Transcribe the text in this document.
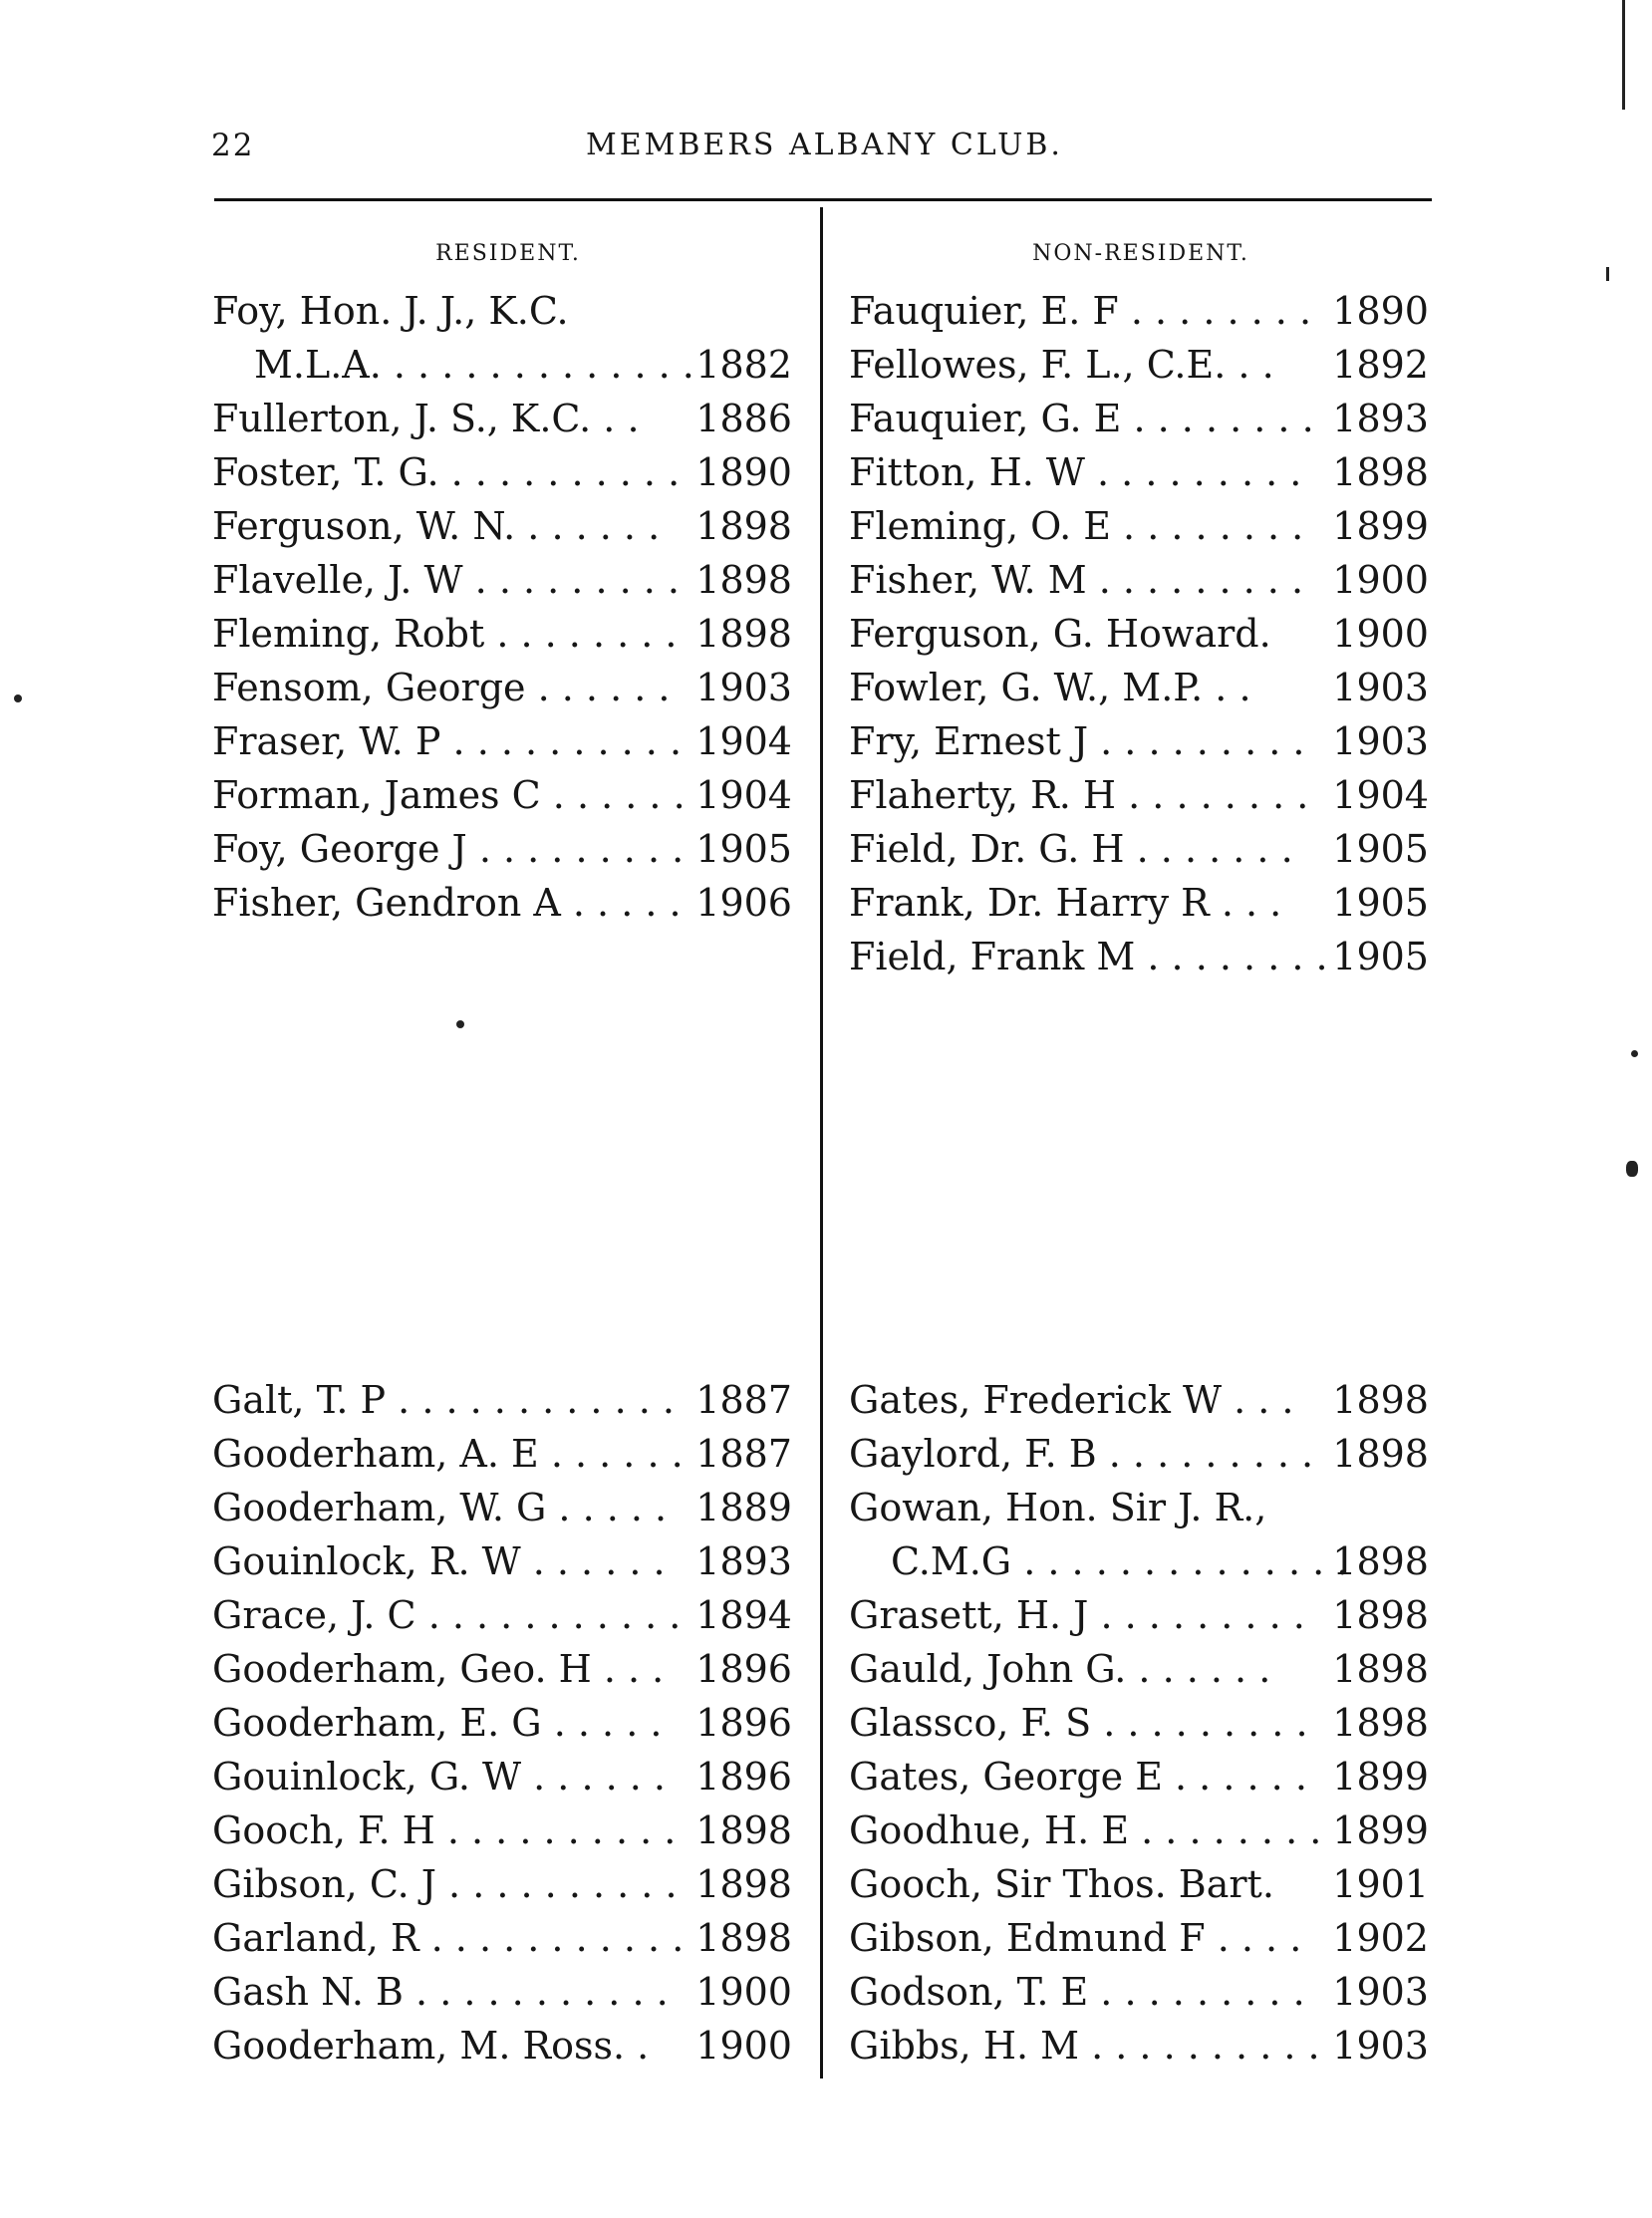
22	MEMBERS ALBANY CLUB.
RESIDENT.	NON-RESIDENT.
Foy, Hon. J. J., K.C.
M.L.A. . . . . . . . . . . . . . 1882
Fullerton, J. S., K.C. . . 1886
Foster, T. G. . . . . . . . . . . 1890
Ferguson, W. N. . . . . . . 1898
Flavelle, J. W . . . . . . . . . 1898
Fleming, Robt . . . . . . . . 1898
Fensom, George . . . . . . 1903
Fraser, W. P . . . . . . . . . . 1904
Forman, James C . . . . . . 1904
Foy, George J . . . . . . . . . 1905
Fisher, Gendron A . . . . . 1906
Fauquier, E. F . . . . . . . . 1890
Fellowes, F. L., C.E. . . 1892
Fauquier, G. E . . . . . . . . 1893
Fitton, H. W . . . . . . . . . 1898
Fleming, O. E . . . . . . . . 1899
Fisher, W. M . . . . . . . . . 1900
Ferguson, G. Howard. 1900
Fowler, G. W., M.P. . . 1903
Fry, Ernest J . . . . . . . . . 1903
Flaherty, R. H . . . . . . . . 1904
Field, Dr. G. H . . . . . . . 1905
Frank, Dr. Harry R . . . 1905
Field, Frank M . . . . . . . . 1905
Galt, T. P . . . . . . . . . . . . 1887
Gooderham, A. E . . . . . . 1887
Gooderham, W. G . . . . . 1889
Gouinlock, R. W . . . . . . 1893
Grace, J. C . . . . . . . . . . . 1894
Gooderham, Geo. H . . . 1896
Gooderham, E. G . . . . . 1896
Gouinlock, G. W . . . . . . 1896
Gooch, F. H . . . . . . . . . . 1898
Gibson, C. J . . . . . . . . . . 1898
Garland, R . . . . . . . . . . . 1898
Gash N. B . . . . . . . . . . . 1900
Gooderham, M. Ross. . 1900
Gates, Frederick W . . . 1898
Gaylord, F. B . . . . . . . . . 1898
Gowan, Hon. Sir J. R.,
C.M.G . . . . . . . . . . . . . .
1898
Grasett, H. J . . . . . . . . . 1898
Gauld, John G. . . . . . . 1898
Glassco, F. S . . . . . . . . . 1898
Gates, George E . . . . . . 1899
Goodhue, H. E . . . . . . . . 1899
Gooch, Sir Thos. Bart. 1901
Gibson, Edmund F . . . . 1902
Godson, T. E . . . . . . . . . 1903
Gibbs, H. M . . . . . . . . . . 1903
